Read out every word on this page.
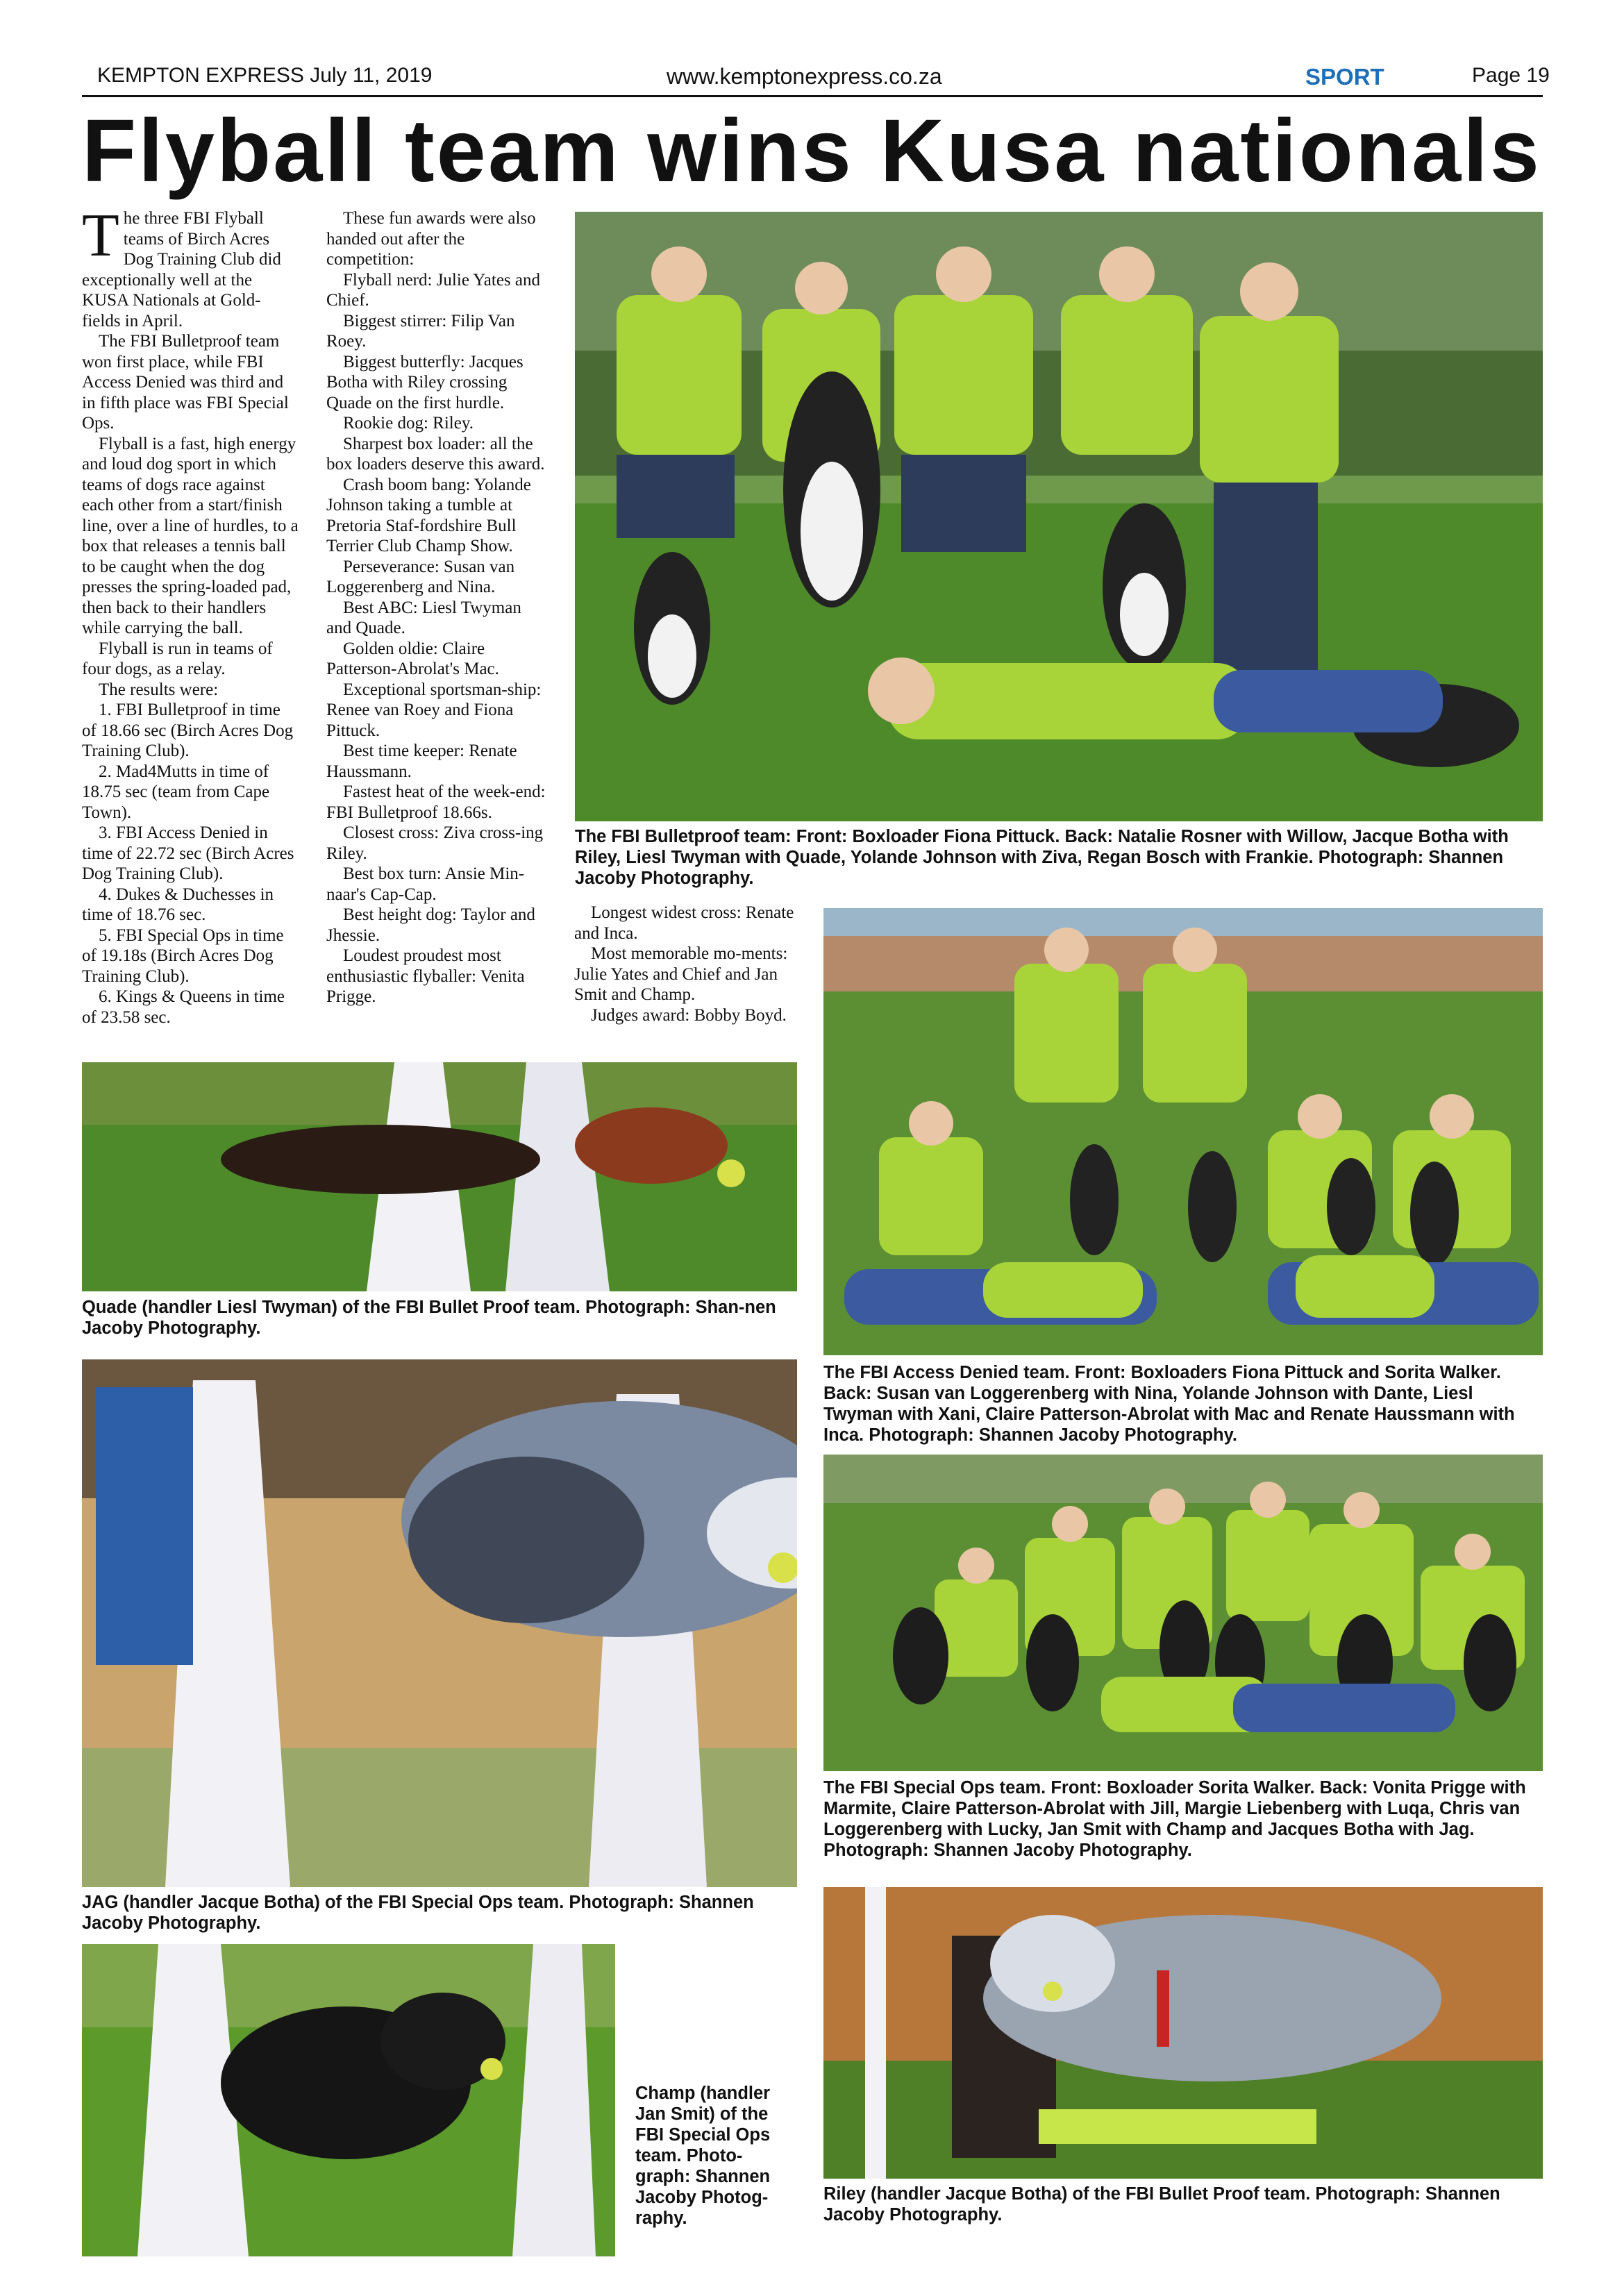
KEMPTON EXPRESS July 11, 2019	www.kemptonexpress.co.za	SPORT	Page 19
Flyball team wins Kusa nationals

The three FBI Flyball teams of Birch Acres Dog Training Club did exceptionally well at the KUSA Nationals at Gold-fields in April.

The FBI Bulletproof team won first place, while FBI Access Denied was third and in fifth place was FBI Special Ops.

Flyball is a fast, high energy and loud dog sport in which teams of dogs race against each other from a start/finish line, over a line of hurdles, to a box that releases a tennis ball to be caught when the dog presses the spring-loaded pad, then back to their handlers while carrying the ball.

Flyball is run in teams of four dogs, as a relay.

The results were:

1. FBI Bulletproof in time of 18.66 sec (Birch Acres Dog Training Club).

2. Mad4Mutts in time of 18.75 sec (team from Cape Town).

3. FBI Access Denied in time of 22.72 sec (Birch Acres Dog Training Club).

4. Dukes & Duchesses in time of 18.76 sec.

5. FBI Special Ops in time of 19.18s (Birch Acres Dog Training Club).

6. Kings & Queens in time of 23.58 sec.

These fun awards were also handed out after the competition:

Flyball nerd: Julie Yates and Chief.

Biggest stirrer: Filip Van Roey.

Biggest butterfly: Jacques Botha with Riley crossing Quade on the first hurdle.

Rookie dog: Riley.

Sharpest box loader: all the box loaders deserve this award.

Crash boom bang: Yolande Johnson taking a tumble at Pretoria Staf-fordshire Bull Terrier Club Champ Show.

Perseverance: Susan van Loggerenberg and Nina.

Best ABC: Liesl Twyman and Quade.

Golden oldie: Claire Patterson-Abrolat's Mac.

Exceptional sportsman-ship: Renee van Roey and Fiona Pittuck.

Best time keeper: Renate Haussmann.

Fastest heat of the week-end: FBI Bulletproof 18.66s.

Closest cross: Ziva cross-ing Riley.

Best box turn: Ansie Min-naar's Cap-Cap.

Best height dog: Taylor and Jhessie.

Loudest proudest most enthusiastic flyballer: Venita Prigge.

Longest widest cross: Renate and Inca.

Most memorable mo-ments: Julie Yates and Chief and Jan Smit and Champ.

Judges award: Bobby Boyd.

The FBI Bulletproof team: Front: Boxloader Fiona Pittuck. Back: Natalie Rosner with Willow, Jacque Botha with Riley, Liesl Twyman with Quade, Yolande Johnson with Ziva, Regan Bosch with Frankie. Photograph: Shannen Jacoby Photography.
The FBI Access Denied team. Front: Boxloaders Fiona Pittuck and Sorita Walker. Back: Susan van Loggerenberg with Nina, Yolande Johnson with Dante, Liesl Twyman with Xani, Claire Patterson-Abrolat with Mac and Renate Haussmann with Inca. Photograph: Shannen Jacoby Photography.
Quade (handler Liesl Twyman) of the FBI Bullet Proof team. Photograph: Shan-nen Jacoby Photography.
JAG (handler Jacque Botha) of the FBI Special Ops team. Photograph: Shannen Jacoby Photography.
The FBI Special Ops team. Front: Boxloader Sorita Walker. Back: Vonita Prigge with Marmite, Claire Patterson-Abrolat with Jill, Margie Liebenberg with Luqa, Chris van Loggerenberg with Lucky, Jan Smit with Champ and Jacques Botha with Jag. Photograph: Shannen Jacoby Photography.
Champ (handler Jan Smit) of the FBI Special Ops team. Photo-graph: Shannen Jacoby Photog-raphy.
Riley (handler Jacque Botha) of the FBI Bullet Proof team. Photograph: Shannen Jacoby Photography.
